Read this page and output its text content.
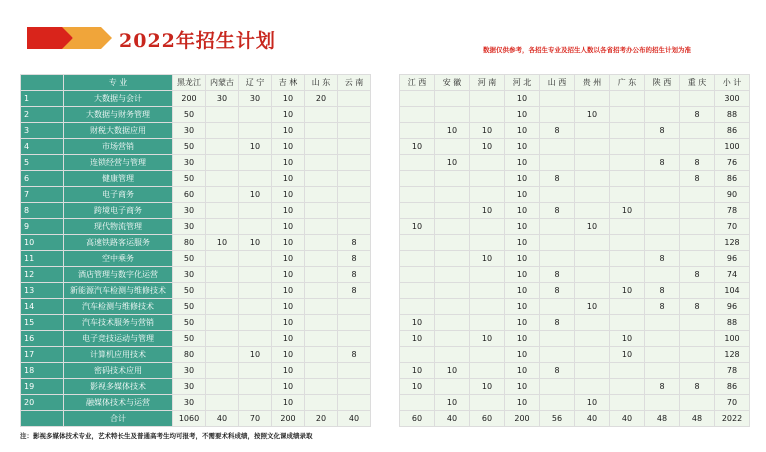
2022年招生计划	数据仅供参考，各招生专业及招生人数以各省招考办公布的招生计划为准
	专 业	黑龙江	内蒙古	辽 宁	吉 林	山 东	云 南
1	大数据与会计	200	30	30	10	20	
2	大数据与财务管理	50			10		
3	财税大数据应用	30			10		
4	市场营销	50		10	10		
5	连锁经营与管理	30			10		
6	健康管理	50			10		
7	电子商务	60		10	10		
8	跨境电子商务	30			10		
9	现代物流管理	30			10		
10	高速铁路客运服务	80	10	10	10		8
11	空中乘务	50			10		8
12	酒店管理与数字化运营	30			10		8
13	新能源汽车检测与维修技术	50			10		8
14	汽车检测与维修技术	50			10		
15	汽车技术服务与营销	50			10		
16	电子竞技运动与管理	50			10		
17	计算机应用技术	80		10	10		8
18	密码技术应用	30			10		
19	影视多媒体技术	30			10		
20	融媒体技术与运营	30			10		
	合计	1060	40	70	200	20	40
江 西	安 徽	河 南	河 北	山 西	贵 州	广 东	陕 西	重 庆	小 计
			10						300
			10		10			8	88
	10	10	10	8			8		86
10		10	10						100
	10		10				8	8	76
			10	8				8	86
			10						90
		10	10	8		10			78
10			10		10				70
			10						128
		10	10				8		96
			10	8				8	74
			10	8		10	8		104
			10		10		8	8	96
10			10	8					88
10		10	10			10			100
			10			10			128
10	10		10	8					78
10		10	10				8	8	86
	10		10		10				70
60	40	60	200	56	40	40	48	48	2022
注：影视多媒体技术专业，艺术特长生及普通高考生均可报考，不需要术科成绩，按照文化课成绩录取
